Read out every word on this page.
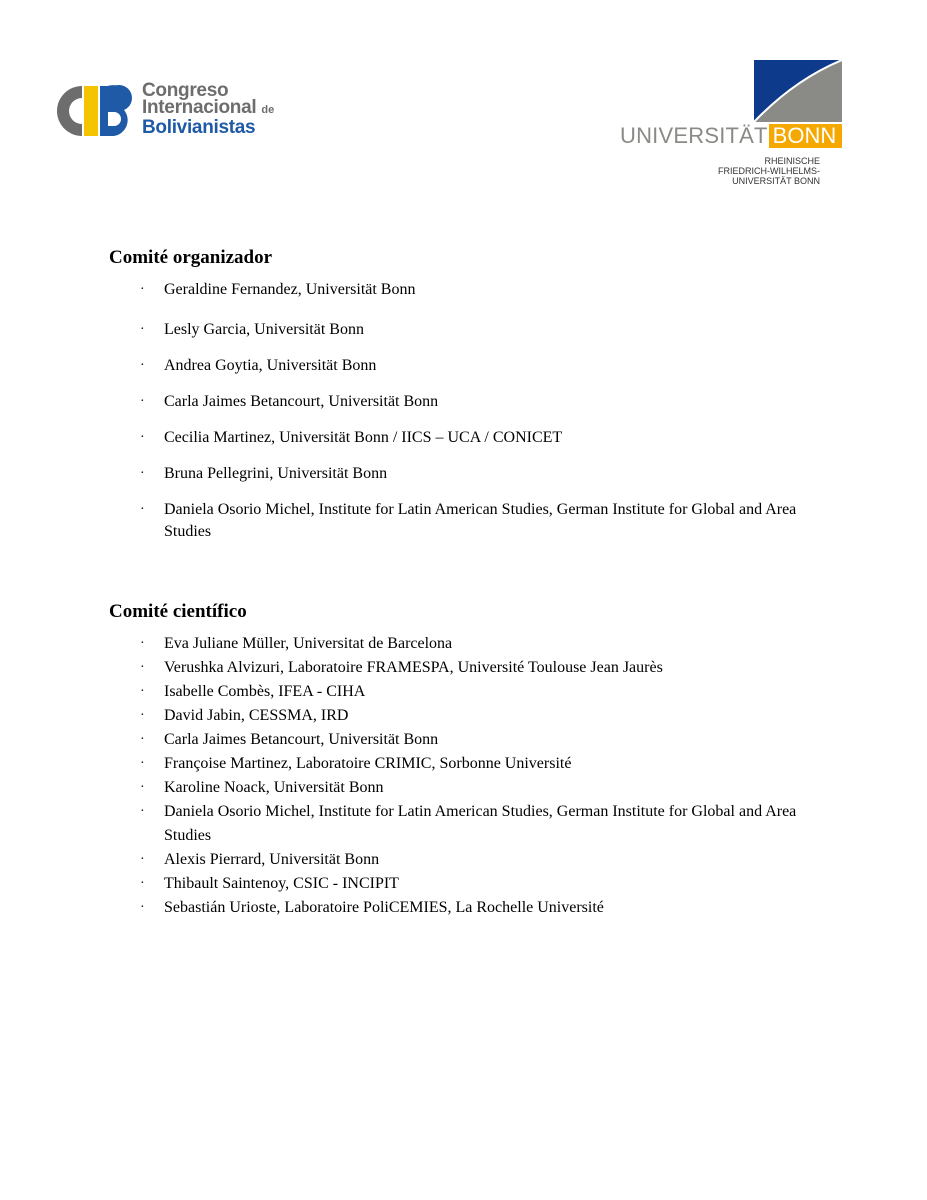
Congreso
Internacional de
Bolivianistas	UNIVERSITÄT BONN
RHEINISCHE
FRIEDRICH-WILHELMS-
UNIVERSITÄT BONN
Comité organizador
· Geraldine Fernandez, Universität Bonn
· Lesly Garcia, Universität Bonn
· Andrea Goytia, Universität Bonn
· Carla Jaimes Betancourt, Universität Bonn
· Cecilia Martinez, Universität Bonn / IICS – UCA / CONICET
· Bruna Pellegrini, Universität Bonn
· Daniela Osorio Michel, Institute for Latin American Studies, German Institute for Global and Area Studies
Comité científico
· Eva Juliane Müller, Universitat de Barcelona
· Verushka Alvizuri, Laboratoire FRAMESPA, Université Toulouse Jean Jaurès
· Isabelle Combès, IFEA - CIHA
· David Jabin, CESSMA, IRD
· Carla Jaimes Betancourt, Universität Bonn
· Françoise Martinez, Laboratoire CRIMIC, Sorbonne Université
· Karoline Noack, Universität Bonn
· Daniela Osorio Michel, Institute for Latin American Studies, German Institute for Global and Area Studies
· Alexis Pierrard, Universität Bonn
· Thibault Saintenoy, CSIC - INCIPIT
· Sebastián Urioste, Laboratoire PoliCEMIES, La Rochelle Université
